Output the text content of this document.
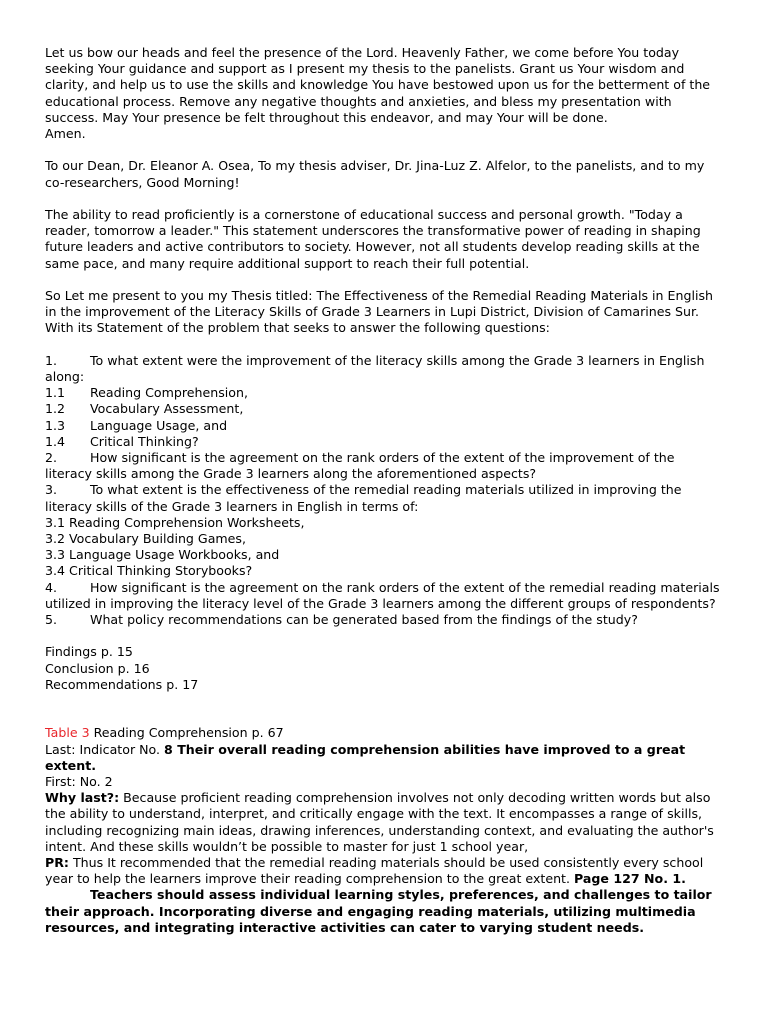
Let us bow our heads and feel the presence of the Lord. Heavenly Father, we come before You today seeking Your guidance and support as I present my thesis to the panelists. Grant us Your wisdom and clarity, and help us to use the skills and knowledge You have bestowed upon us for the betterment of the educational process. Remove any negative thoughts and anxieties, and bless my presentation with success. May Your presence be felt throughout this endeavor, and may Your will be done.

Amen.

To our Dean, Dr. Eleanor A. Osea, To my thesis adviser, Dr. Jina-Luz Z. Alfelor, to the panelists, and to my co-researchers, Good Morning!

The ability to read proficiently is a cornerstone of educational success and personal growth. "Today a reader, tomorrow a leader." This statement underscores the transformative power of reading in shaping future leaders and active contributors to society. However, not all students develop reading skills at the same pace, and many require additional support to reach their full potential.

So Let me present to you my Thesis titled: The Effectiveness of the Remedial Reading Materials in English in the improvement of the Literacy Skills of Grade 3 Learners in Lupi District, Division of Camarines Sur. With its Statement of the problem that seeks to answer the following questions:

1.	To what extent were the improvement of the literacy skills among the Grade 3 learners in English along:

1.1 Reading Comprehension,

1.2 Vocabulary Assessment,

1.3 Language Usage, and

1.4 Critical Thinking?

2.	How significant is the agreement on the rank orders of the extent of the improvement of the literacy skills among the Grade 3 learners along the aforementioned aspects?

3.	To what extent is the effectiveness of the remedial reading materials utilized in improving the literacy skills of the Grade 3 learners in English in terms of:

3.1 Reading Comprehension Worksheets,

3.2 Vocabulary Building Games,

3.3 Language Usage Workbooks, and

3.4 Critical Thinking Storybooks?

4.	How significant is the agreement on the rank orders of the extent of the remedial reading materials utilized in improving the literacy level of the Grade 3 learners among the different groups of respondents?

5.	What policy recommendations can be generated based from the findings of the study?

Findings p. 15

Conclusion p. 16

Recommendations p. 17

Table 3 Reading Comprehension p. 67

Last: Indicator No. 8 Their overall reading comprehension abilities have improved to a great extent.

First: No. 2

Why last?: Because proficient reading comprehension involves not only decoding written words but also the ability to understand, interpret, and critically engage with the text. It encompasses a range of skills, including recognizing main ideas, drawing inferences, understanding context, and evaluating the author's intent. And these skills wouldn’t be possible to master for just 1 school year,

PR: Thus It recommended that the remedial reading materials should be used consistently every school year to help the learners improve their reading comprehension to the great extent. Page 127 No. 1.

Teachers should assess individual learning styles, preferences, and challenges to tailor their approach. Incorporating diverse and engaging reading materials, utilizing multimedia resources, and integrating interactive activities can cater to varying student needs.
